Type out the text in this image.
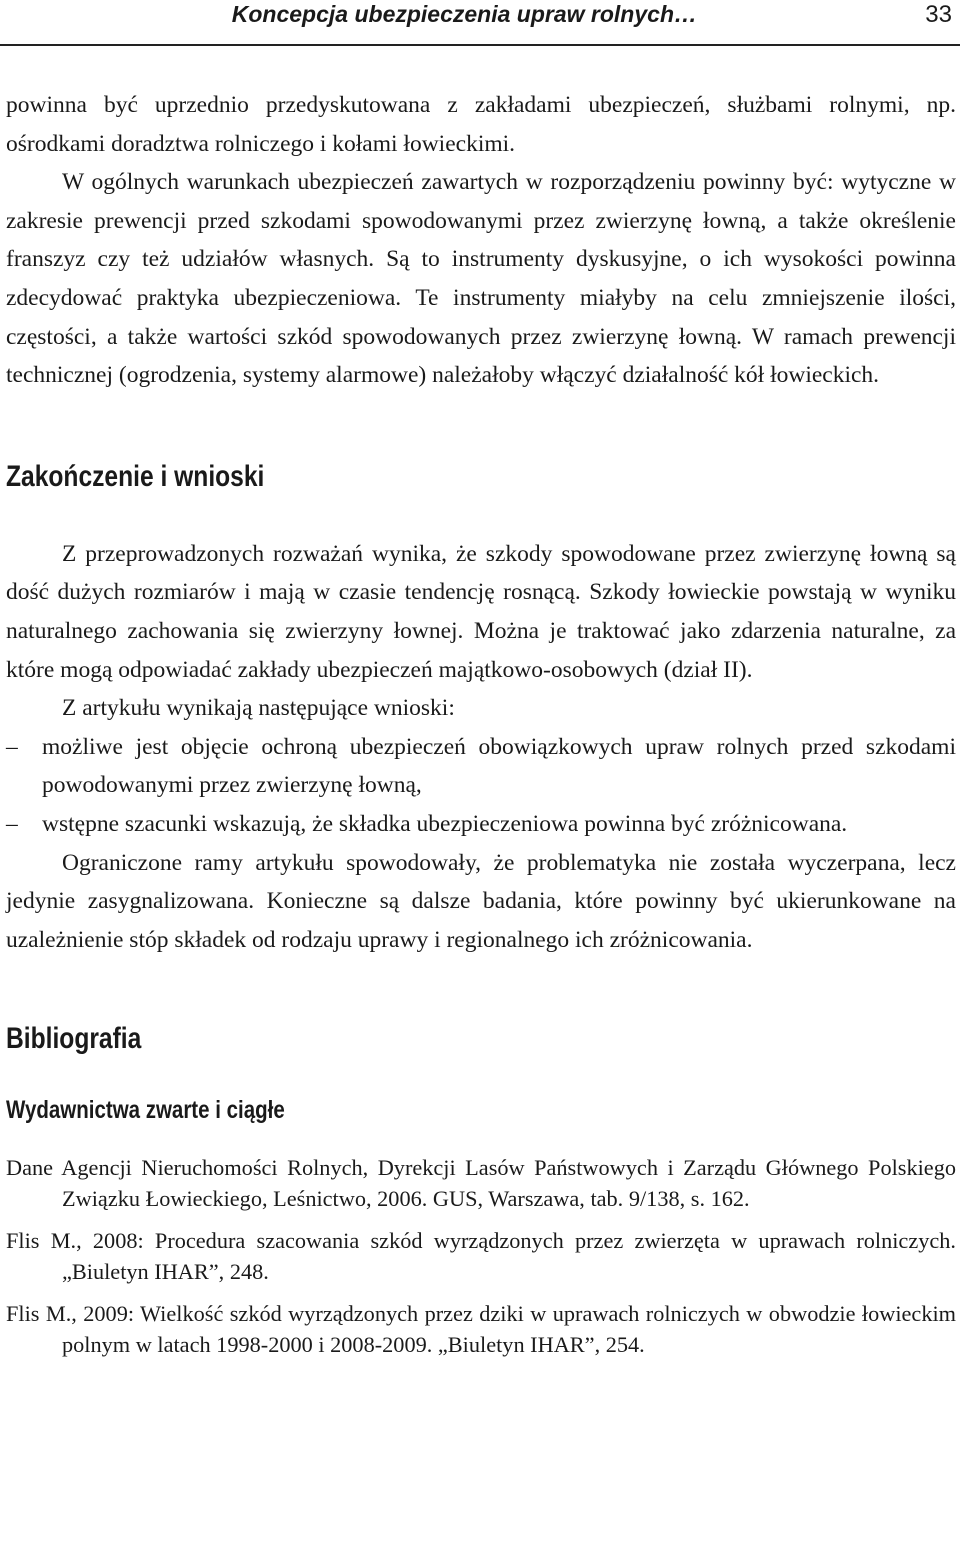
Koncepcja ubezpieczenia upraw rolnych…	33

powinna być uprzednio przedyskutowana z zakładami ubezpieczeń, służbami rolnymi, np. ośrodkami doradztwa rolniczego i kołami łowieckimi.

W ogólnych warunkach ubezpieczeń zawartych w rozporządzeniu powinny być: wytyczne w zakresie prewencji przed szkodami spowodowanymi przez zwierzynę łowną, a także określenie franszyz czy też udziałów własnych. Są to instrumenty dyskusyjne, o ich wysokości powinna zdecydować praktyka ubezpieczeniowa. Te instrumenty miałyby na celu zmniejszenie ilości, częstości, a także wartości szkód spowodowanych przez zwierzynę łowną. W ramach prewencji technicznej (ogrodzenia, systemy alarmowe) należałoby włączyć działalność kół łowieckich.

Zakończenie i wnioski

Z przeprowadzonych rozważań wynika, że szkody spowodowane przez zwierzynę łowną są dość dużych rozmiarów i mają w czasie tendencję rosnącą. Szkody łowieckie powstają w wyniku naturalnego zachowania się zwierzyny łownej. Można je traktować jako zdarzenia naturalne, za które mogą odpowiadać zakłady ubezpieczeń majątkowo-osobowych (dział II).

Z artykułu wynikają następujące wnioski:

– możliwe jest objęcie ochroną ubezpieczeń obowiązkowych upraw rolnych przed szkodami powodowanymi przez zwierzynę łowną,
– wstępne szacunki wskazują, że składka ubezpieczeniowa powinna być zróżnicowana.

Ograniczone ramy artykułu spowodowały, że problematyka nie została wyczerpana, lecz jedynie zasygnalizowana. Konieczne są dalsze badania, które powinny być ukierunkowane na uzależnienie stóp składek od rodzaju uprawy i regionalnego ich zróżnicowania.

Bibliografia
Wydawnictwa zwarte i ciągłe

Dane Agencji Nieruchomości Rolnych, Dyrekcji Lasów Państwowych i Zarządu Głównego Polskiego Związku Łowieckiego, Leśnictwo, 2006. GUS, Warszawa, tab. 9/138, s. 162.

Flis M., 2008: Procedura szacowania szkód wyrządzonych przez zwierzęta w uprawach rolniczych. „Biuletyn IHAR”, 248.

Flis M., 2009: Wielkość szkód wyrządzonych przez dziki w uprawach rolniczych w obwodzie łowieckim polnym w latach 1998-2000 i 2008-2009. „Biuletyn IHAR”, 254.
